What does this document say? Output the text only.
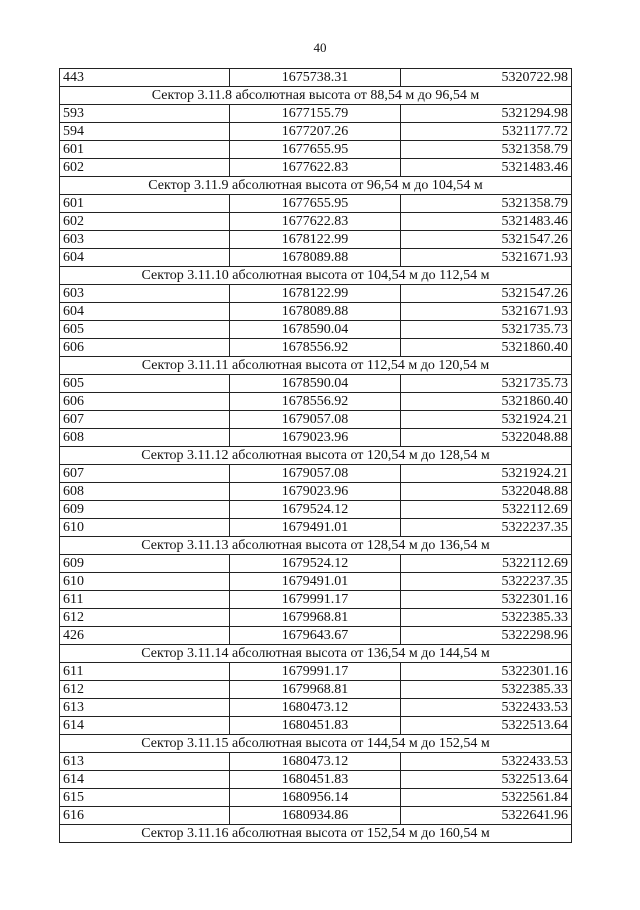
40
443	1675738.31	5320722.98
Сектор 3.11.8 абсолютная высота от 88,54 м до 96,54 м		
593	1677155.79	5321294.98
594	1677207.26	5321177.72
601	1677655.95	5321358.79
602	1677622.83	5321483.46
Сектор 3.11.9 абсолютная высота от 96,54 м до 104,54 м		
601	1677655.95	5321358.79
602	1677622.83	5321483.46
603	1678122.99	5321547.26
604	1678089.88	5321671.93
Сектор 3.11.10 абсолютная высота от 104,54 м до 112,54 м		
603	1678122.99	5321547.26
604	1678089.88	5321671.93
605	1678590.04	5321735.73
606	1678556.92	5321860.40
Сектор 3.11.11 абсолютная высота от 112,54 м до 120,54 м		
605	1678590.04	5321735.73
606	1678556.92	5321860.40
607	1679057.08	5321924.21
608	1679023.96	5322048.88
Сектор 3.11.12 абсолютная высота от 120,54 м до 128,54 м		
607	1679057.08	5321924.21
608	1679023.96	5322048.88
609	1679524.12	5322112.69
610	1679491.01	5322237.35
Сектор 3.11.13 абсолютная высота от 128,54 м до 136,54 м		
609	1679524.12	5322112.69
610	1679491.01	5322237.35
611	1679991.17	5322301.16
612	1679968.81	5322385.33
426	1679643.67	5322298.96
Сектор 3.11.14 абсолютная высота от 136,54 м до 144,54 м		
611	1679991.17	5322301.16
612	1679968.81	5322385.33
613	1680473.12	5322433.53
614	1680451.83	5322513.64
Сектор 3.11.15 абсолютная высота от 144,54 м до 152,54 м		
613	1680473.12	5322433.53
614	1680451.83	5322513.64
615	1680956.14	5322561.84
616	1680934.86	5322641.96
Сектор 3.11.16 абсолютная высота от 152,54 м до 160,54 м		
